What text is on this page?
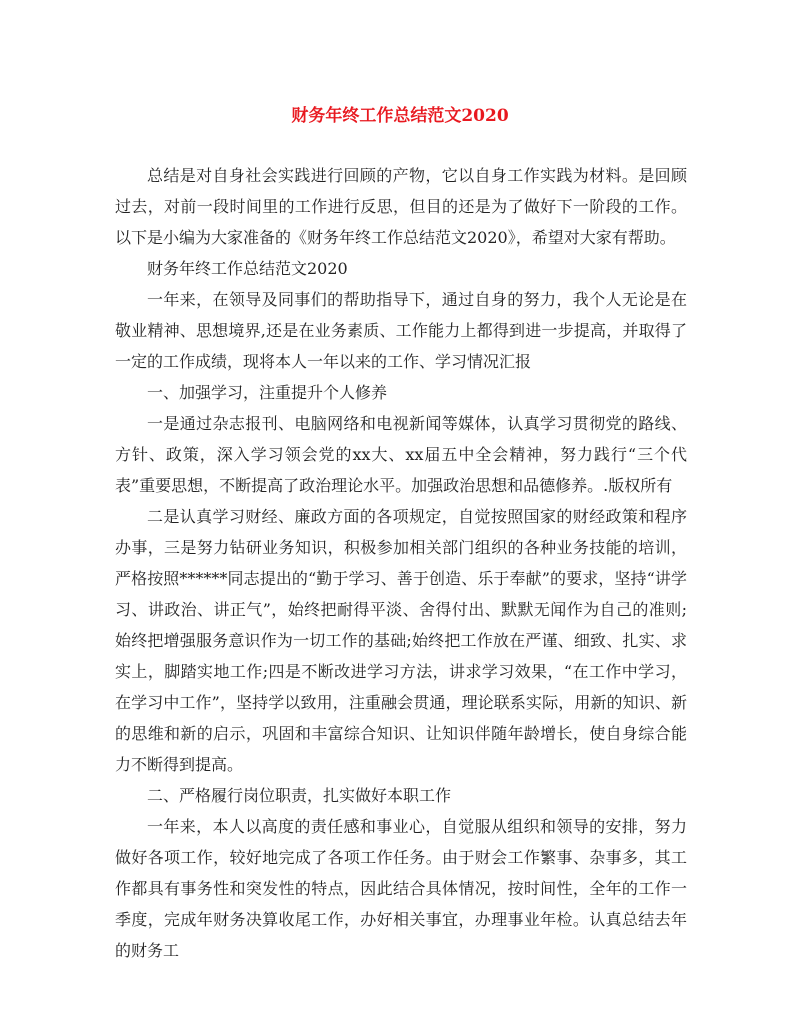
财务年终工作总结范文2020

总结是对自身社会实践进行回顾的产物，它以自身工作实践为材料。是回顾过去，对前一段时间里的工作进行反思，但目的还是为了做好下一阶段的工作。以下是小编为大家准备的《财务年终工作总结范文2020》，希望对大家有帮助。

财务年终工作总结范文2020

一年来，在领导及同事们的帮助指导下，通过自身的努力，我个人无论是在敬业精神、思想境界,还是在业务素质、工作能力上都得到进一步提高，并取得了一定的工作成绩，现将本人一年以来的工作、学习情况汇报

一、加强学习，注重提升个人修养

一是通过杂志报刊、电脑网络和电视新闻等媒体，认真学习贯彻党的路线、方针、政策，深入学习领会党的xx大、xx届五中全会精神，努力践行“三个代表”重要思想，不断提高了政治理论水平。加强政治思想和品德修养。.版权所有

二是认真学习财经、廉政方面的各项规定，自觉按照国家的财经政策和程序办事，三是努力钻研业务知识，积极参加相关部门组织的各种业务技能的培训，严格按照******同志提出的“勤于学习、善于创造、乐于奉献”的要求，坚持“讲学习、讲政治、讲正气”，始终把耐得平淡、舍得付出、默默无闻作为自己的准则;始终把增强服务意识作为一切工作的基础;始终把工作放在严谨、细致、扎实、求实上，脚踏实地工作;四是不断改进学习方法，讲求学习效果，“在工作中学习，在学习中工作”，坚持学以致用，注重融会贯通，理论联系实际，用新的知识、新的思维和新的启示，巩固和丰富综合知识、让知识伴随年龄增长，使自身综合能力不断得到提高。

二、严格履行岗位职责，扎实做好本职工作

一年来，本人以高度的责任感和事业心，自觉服从组织和领导的安排，努力做好各项工作，较好地完成了各项工作任务。由于财会工作繁事、杂事多，其工作都具有事务性和突发性的特点，因此结合具体情况，按时间性，全年的工作一季度，完成年财务决算收尾工作，办好相关事宜，办理事业年检。认真总结去年的财务工
